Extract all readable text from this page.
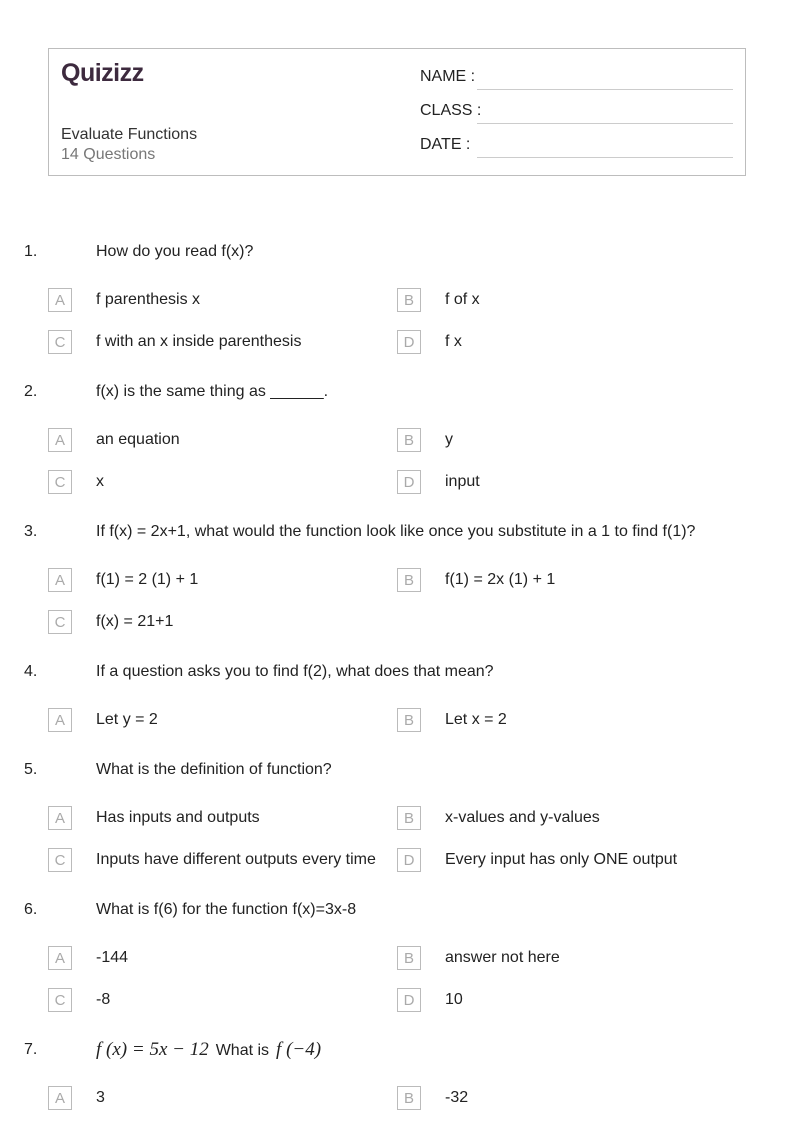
Quizizz
Evaluate Functions
14 Questions
NAME :
CLASS :
DATE :
1.	How do you read f(x)?
A	f parenthesis x	B	f of x
C	f with an x inside parenthesis	D	f x
2.	f(x) is the same thing as ______.
A	an equation	B	y
C	x	D	input
3.	If f(x) = 2x+1, what would the function look like once you substitute in a 1 to find f(1)?
A	f(1) = 2 (1) + 1	B	f(1) = 2x (1) + 1
C	f(x) = 21+1
4.	If a question asks you to find f(2), what does that mean?
A	Let y = 2	B	Let x = 2
5.	What is the definition of function?
A	Has inputs and outputs	B	x-values and y-values
C	Inputs have different outputs every time	D	Every input has only ONE output
6.	What is f(6) for the function f(x)=3x-8
A	-144	B	answer not here
C	-8	D	10
7.	f (x) = 5x − 12 What is f (−4)
A	3	B	-32
